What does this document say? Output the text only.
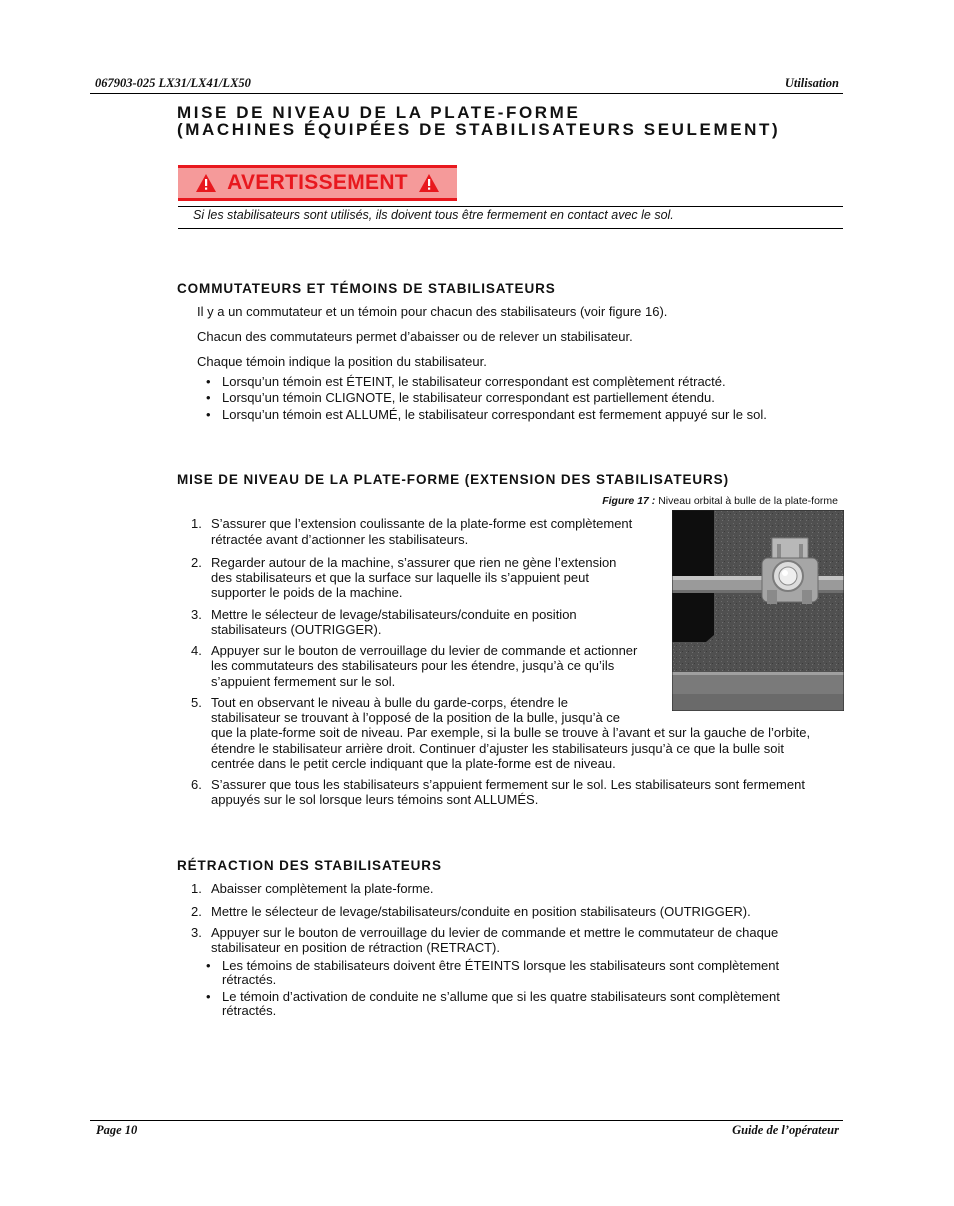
067903-025 LX31/LX41/LX50	Utilisation
MISE DE NIVEAU DE LA PLATE-FORME
(MACHINES ÉQUIPÉES DE STABILISATEURS SEULEMENT)
AVERTISSEMENT
Si les stabilisateurs sont utilisés, ils doivent tous être fermement en contact avec le sol.
COMMUTATEURS ET TÉMOINS DE STABILISATEURS
Il y a un commutateur et un témoin pour chacun des stabilisateurs (voir figure 16).
Chacun des commutateurs permet d’abaisser ou de relever un stabilisateur.
Chaque témoin indique la position du stabilisateur.
• Lorsqu’un témoin est ÉTEINT, le stabilisateur correspondant est complètement rétracté.
• Lorsqu’un témoin CLIGNOTE, le stabilisateur correspondant est partiellement étendu.
• Lorsqu’un témoin est ALLUMÉ, le stabilisateur correspondant est fermement appuyé sur le sol.
MISE DE NIVEAU DE LA PLATE-FORME (EXTENSION DES STABILISATEURS)
Figure 17 : Niveau orbital à bulle de la plate-forme
1. S’assurer que l’extension coulissante de la plate-forme est complètement
rétractée avant d’actionner les stabilisateurs.
2. Regarder autour de la machine, s’assurer que rien ne gène l’extension
des stabilisateurs et que la surface sur laquelle ils s’appuient peut
supporter le poids de la machine.
3. Mettre le sélecteur de levage/stabilisateurs/conduite en position
stabilisateurs (OUTRIGGER).
4. Appuyer sur le bouton de verrouillage du levier de commande et actionner
les commutateurs des stabilisateurs pour les étendre, jusqu’à ce qu’ils
s’appuient fermement sur le sol.
5. Tout en observant le niveau à bulle du garde-corps, étendre le
stabilisateur se trouvant à l’opposé de la position de la bulle, jusqu’à ce
que la plate-forme soit de niveau. Par exemple, si la bulle se trouve à l’avant et sur la gauche de l’orbite,
étendre le stabilisateur arrière droit. Continuer d’ajuster les stabilisateurs jusqu’à ce que la bulle soit
centrée dans le petit cercle indiquant que la plate-forme est de niveau.
6. S’assurer que tous les stabilisateurs s’appuient fermement sur le sol. Les stabilisateurs sont fermement
appuyés sur le sol lorsque leurs témoins sont ALLUMÉS.
RÉTRACTION DES STABILISATEURS
1. Abaisser complètement la plate-forme.
2. Mettre le sélecteur de levage/stabilisateurs/conduite en position stabilisateurs (OUTRIGGER).
3. Appuyer sur le bouton de verrouillage du levier de commande et mettre le commutateur de chaque
stabilisateur en position de rétraction (RETRACT).
• Les témoins de stabilisateurs doivent être ÉTEINTS lorsque les stabilisateurs sont complètement
rétractés.
• Le témoin d’activation de conduite ne s’allume que si les quatre stabilisateurs sont complètement
rétractés.
Page 10	Guide de l’opérateur
